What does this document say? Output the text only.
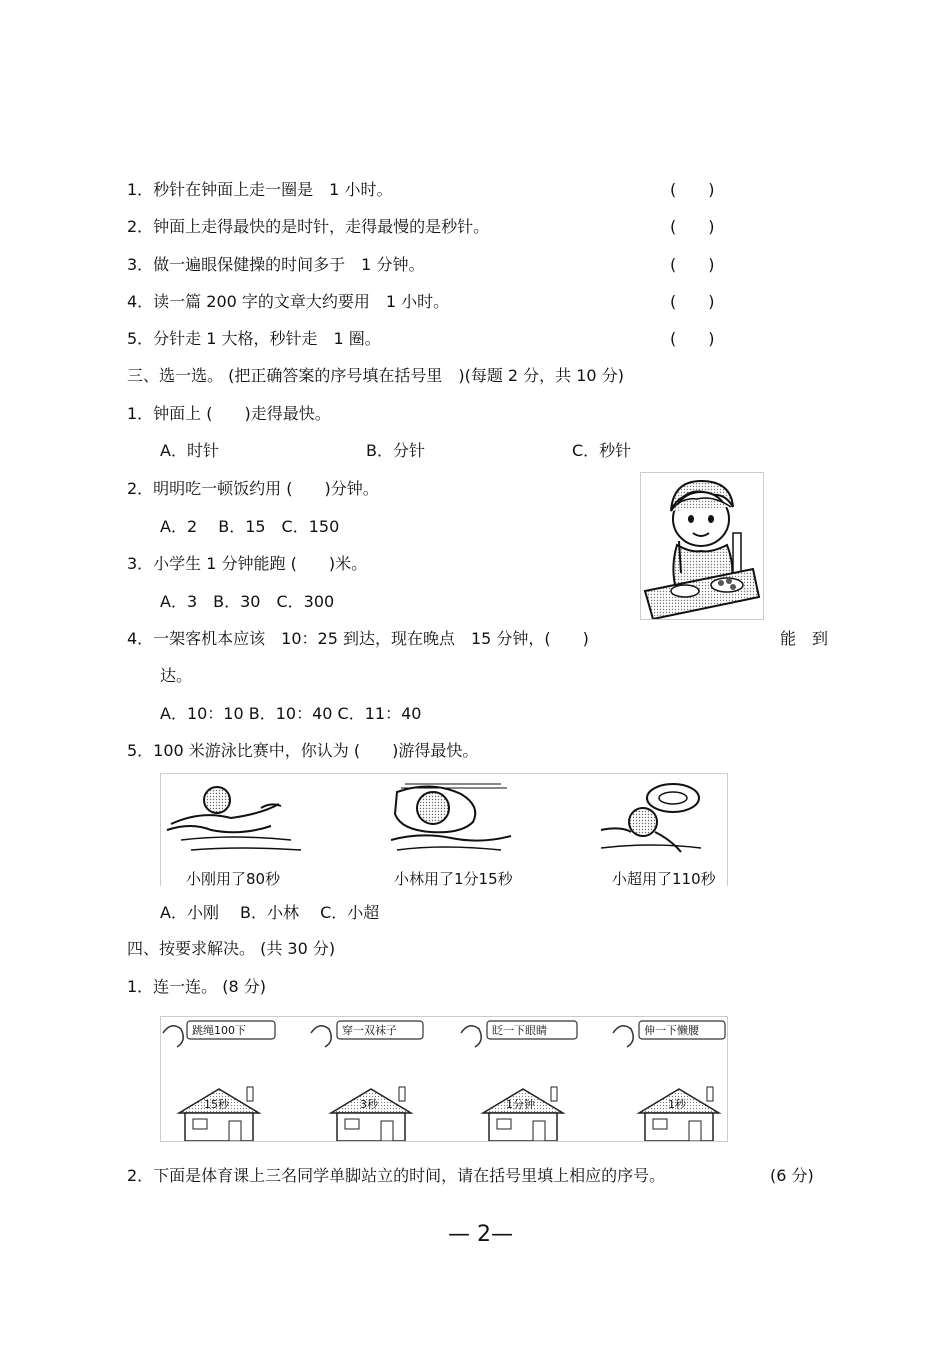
1．秒针在钟面上走一圈是　1 小时。	(　　)
2．钟面上走得最快的是时针，走得最慢的是秒针。	(　　)
3．做一遍眼保健操的时间多于　1 分钟。	(　　)
4．读一篇 200 字的文章大约要用　1 小时。	(　　)
5．分针走 1 大格，秒针走　1 圈。	(　　)
三、选一选。 (把正确答案的序号填在括号里　)(每题 2 分，共 10 分)
1．钟面上 (　　)走得最快。
A．时针	B．分针	C．秒针
2．明明吃一顿饭约用 (　　)分钟。
A．2　 B．15　C．150
3．小学生 1 分钟能跑 (　　)米。
A．3　B．30　C．300
4．一架客机本应该　10：25 到达，现在晚点　15 分钟，(　　)	能　到
达。
A．10：10 B．10：40 C．11：40
5．100 米游泳比赛中，你认为 (　　)游得最快。
小刚用了80秒	小林用了1分15秒	小超用了110秒
A．小刚　 B．小林　 C．小超
四、按要求解决。 (共 30 分)
1．连一连。 (8 分)
跳绳100下	穿一双袜子	眨一下眼睛	伸一下懒腰
15秒	3秒	1分钟	1秒
2．下面是体育课上三名同学单脚站立的时间，请在括号里填上相应的序号。	(6 分)
— 2—
